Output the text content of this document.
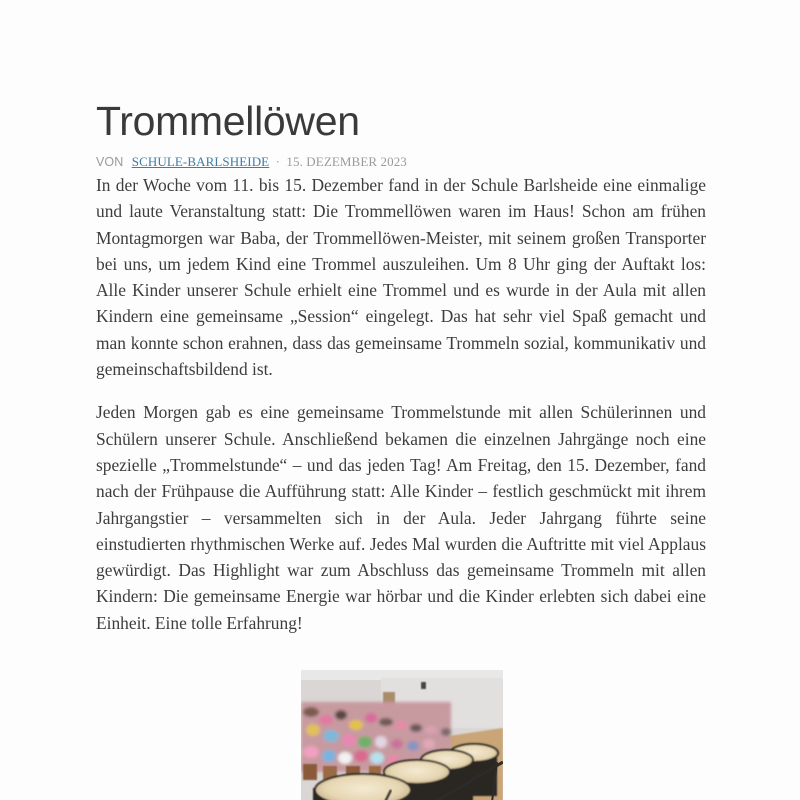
Trommellöwen
VON SCHULE-BARLSHEIDE · 15. DEZEMBER 2023

In der Woche vom 11. bis 15. Dezember fand in der Schule Barlsheide eine einmalige und laute Veranstaltung statt: Die Trommellöwen waren im Haus! Schon am frühen Montagmorgen war Baba, der Trommellöwen-Meister, mit seinem großen Transporter bei uns, um jedem Kind eine Trommel auszuleihen. Um 8 Uhr ging der Auftakt los: Alle Kinder unserer Schule erhielt eine Trommel und es wurde in der Aula mit allen Kindern eine gemeinsame „Session“ eingelegt. Das hat sehr viel Spaß gemacht und man konnte schon erahnen, dass das gemeinsame Trommeln sozial, kommunikativ und gemeinschaftsbildend ist.

Jeden Morgen gab es eine gemeinsame Trommelstunde mit allen Schülerinnen und Schülern unserer Schule. Anschließend bekamen die einzelnen Jahrgänge noch eine spezielle „Trommelstunde“ – und das jeden Tag! Am Freitag, den 15. Dezember, fand nach der Frühpause die Aufführung statt: Alle Kinder – festlich geschmückt mit ihrem Jahrgangstier – versammelten sich in der Aula. Jeder Jahrgang führte seine einstudierten rhythmischen Werke auf. Jedes Mal wurden die Auftritte mit viel Applaus gewürdigt. Das Highlight war zum Abschluss das gemeinsame Trommeln mit allen Kindern: Die gemeinsame Energie war hörbar und die Kinder erlebten sich dabei eine Einheit. Eine tolle Erfahrung!
